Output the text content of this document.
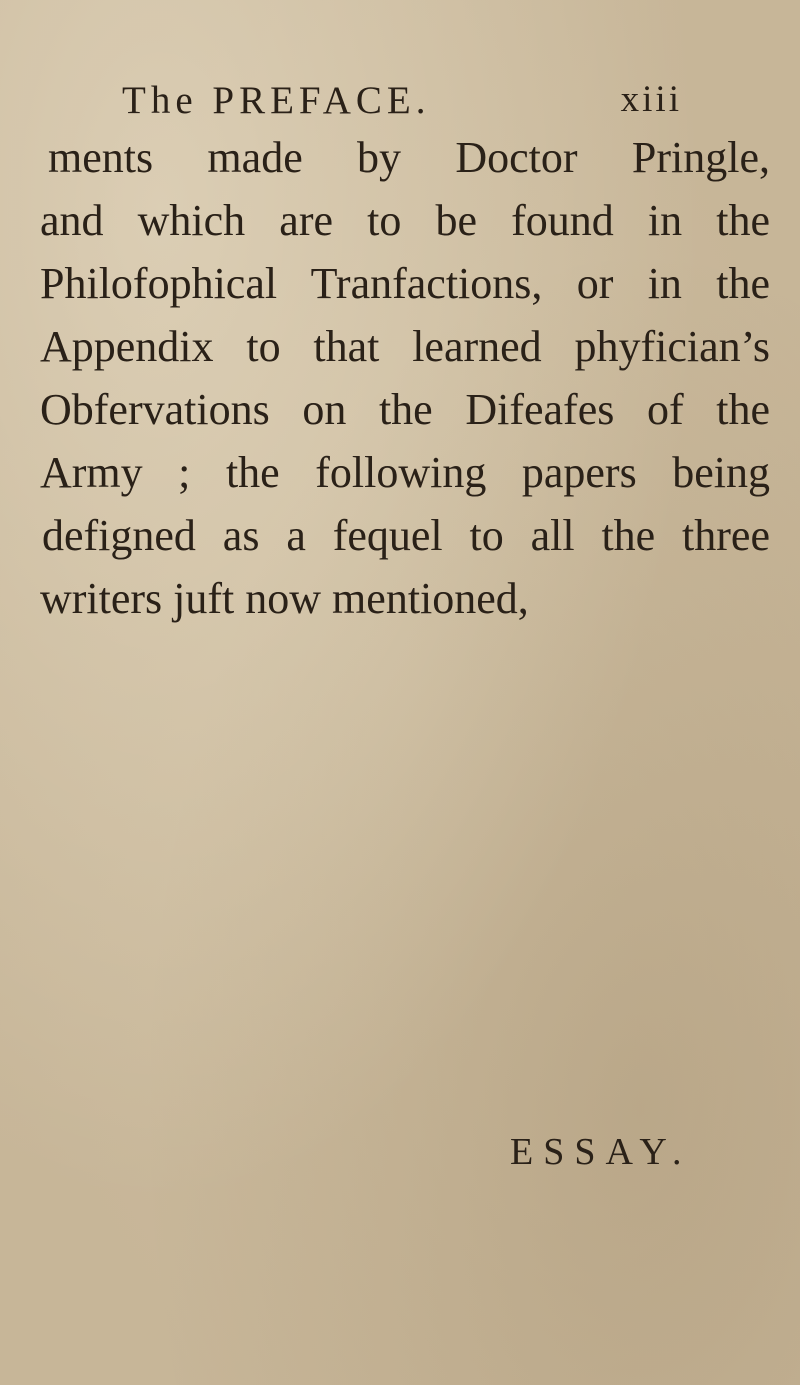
The PREFACE.	xiii
ments made by Doctor Pringle,
and which are to be found in the
Philofophical Tranfactions, or in the
Appendix to that learned phyfician’s
Obfervations on the Difeafes of the
Army ; the following papers being
defigned as a fequel to all the three
writers juft now mentioned,
ESSAY.
